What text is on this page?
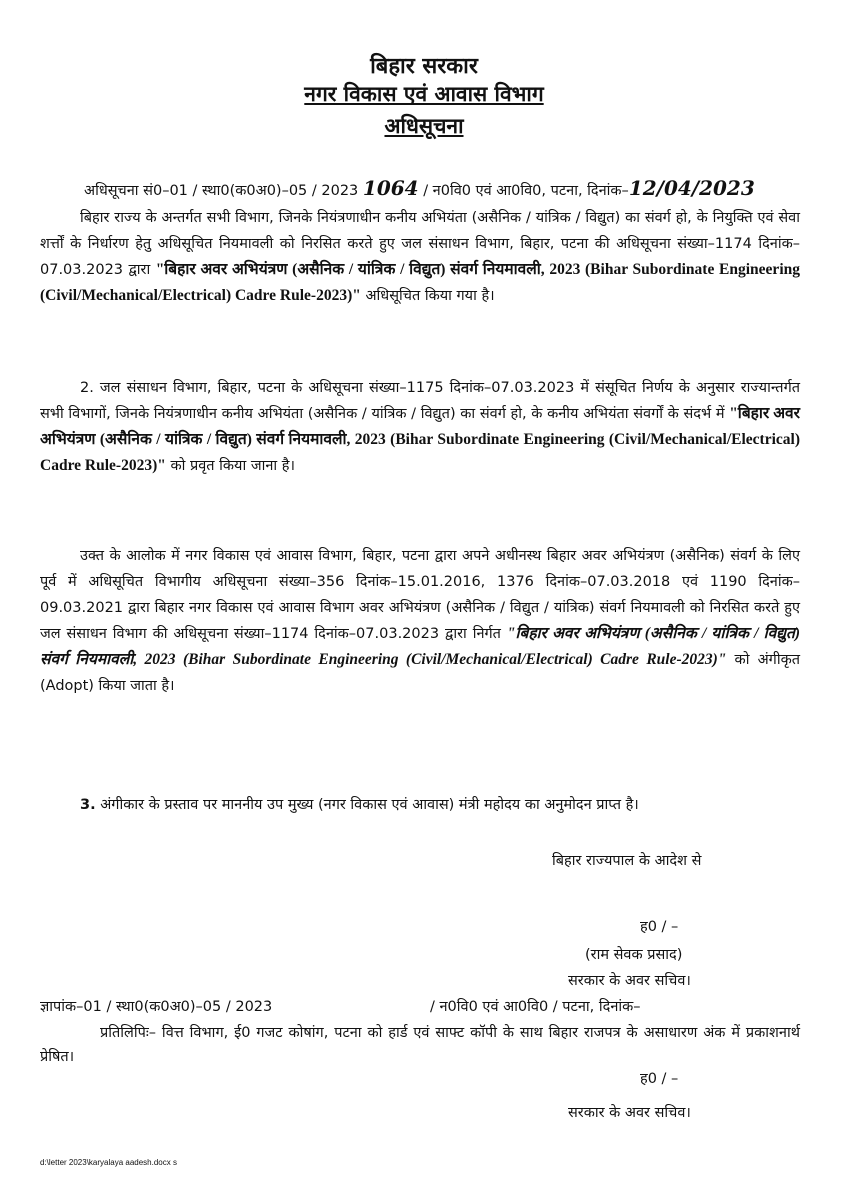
बिहार सरकार
नगर विकास एवं आवास विभाग
अधिसूचना
अधिसूचना सं0–01 / स्था0(क0अ0)–05 / 2023 1064 / न0वि0 एवं आ0वि0, पटना, दिनांक–12/04/2023
बिहार राज्य के अन्तर्गत सभी विभाग, जिनके नियंत्रणाधीन कनीय अभियंता (असैनिक / यांत्रिक / विद्युत) का संवर्ग हो, के नियुक्ति एवं सेवा शर्त्तों के निर्धारण हेतु अधिसूचित नियमावली को निरसित करते हुए जल संसाधन विभाग, बिहार, पटना की अधिसूचना संख्या–1174 दिनांक–07.03.2023 द्वारा "बिहार अवर अभियंत्रण (असैनिक / यांत्रिक / विद्युत) संवर्ग नियमावली, 2023 (Bihar Subordinate Engineering (Civil/Mechanical/Electrical) Cadre Rule-2023)" अधिसूचित किया गया है।
2. जल संसाधन विभाग, बिहार, पटना के अधिसूचना संख्या–1175 दिनांक–07.03.2023 में संसूचित निर्णय के अनुसार राज्यान्तर्गत सभी विभागों, जिनके नियंत्रणाधीन कनीय अभियंता (असैनिक / यांत्रिक / विद्युत) का संवर्ग हो, के कनीय अभियंता संवर्गों के संदर्भ में "बिहार अवर अभियंत्रण (असैनिक / यांत्रिक / विद्युत) संवर्ग नियमावली, 2023 (Bihar Subordinate Engineering (Civil/Mechanical/Electrical) Cadre Rule-2023)" को प्रवृत किया जाना है।
उक्त के आलोक में नगर विकास एवं आवास विभाग, बिहार, पटना द्वारा अपने अधीनस्थ बिहार अवर अभियंत्रण (असैनिक) संवर्ग के लिए पूर्व में अधिसूचित विभागीय अधिसूचना संख्या–356 दिनांक–15.01.2016, 1376 दिनांक–07.03.2018 एवं 1190 दिनांक–09.03.2021 द्वारा बिहार नगर विकास एवं आवास विभाग अवर अभियंत्रण (असैनिक / विद्युत / यांत्रिक) संवर्ग नियमावली को निरसित करते हुए जल संसाधन विभाग की अधिसूचना संख्या–1174 दिनांक–07.03.2023 द्वारा निर्गत "बिहार अवर अभियंत्रण (असैनिक / यांत्रिक / विद्युत) संवर्ग नियमावली, 2023 (Bihar Subordinate Engineering (Civil/Mechanical/Electrical) Cadre Rule-2023)" को अंगीकृत (Adopt) किया जाता है।
3. अंगीकार के प्रस्ताव पर माननीय उप मुख्य (नगर विकास एवं आवास) मंत्री महोदय का अनुमोदन प्राप्त है।
बिहार राज्यपाल के आदेश से
ह0 / –
(राम सेवक प्रसाद)
सरकार के अवर सचिव।
ज्ञापांक–01 / स्था0(क0अ0)–05 / 2023	/ न0वि0 एवं आ0वि0 / पटना, दिनांक–
प्रतिलिपिः– वित्त विभाग, ई0 गजट कोषांग, पटना को हार्ड एवं साफ्ट कॉपी के साथ बिहार राजपत्र के असाधारण अंक में प्रकाशनार्थ प्रेषित।
ह0 / –
सरकार के अवर सचिव।
d:\letter 2023\karyalaya aadesh.docx s
